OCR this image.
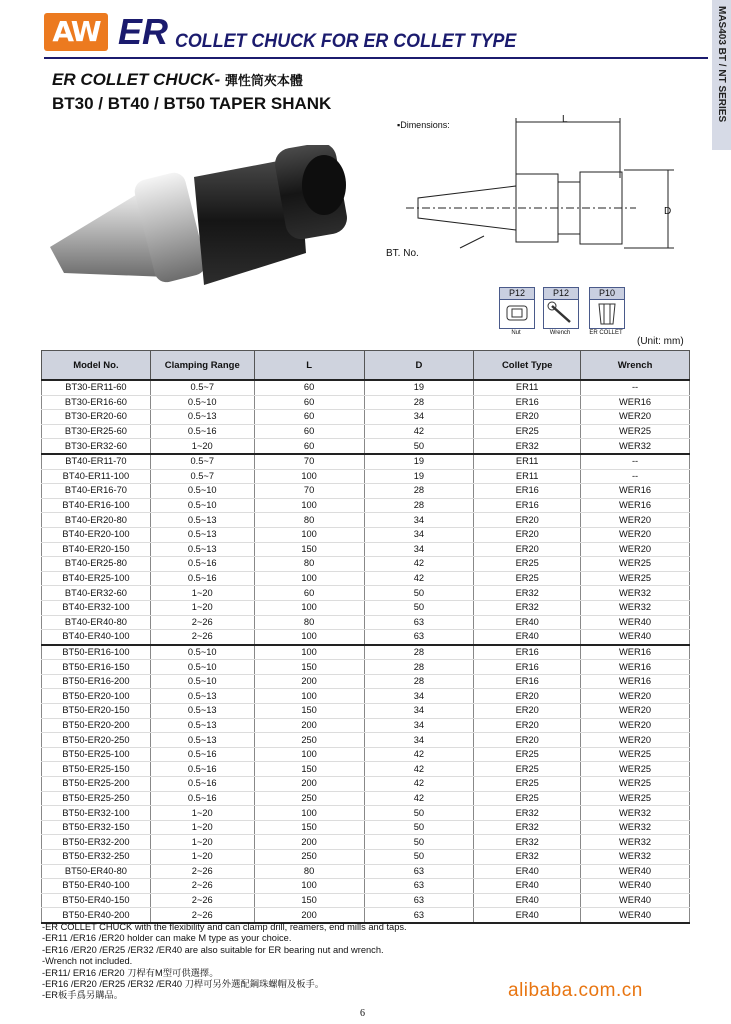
AW ER COLLET CHUCK FOR ER COLLET TYPE	MAS403 BT / NT SERIES
ER COLLET CHUCK- 彈性筒夾本體
BT30 / BT40 / BT50 TAPER SHANK
▪Dimensions:	L
D
BT. No.
P12
Nut
P12
Wrench
P10
ER COLLET
(Unit: mm)
Model No.	Clamping Range	L	D	Collet Type	Wrench
BT30-ER11-60	0.5~7	60	19	ER11	--
BT30-ER16-60	0.5~10	60	28	ER16	WER16
BT30-ER20-60	0.5~13	60	34	ER20	WER20
BT30-ER25-60	0.5~16	60	42	ER25	WER25
BT30-ER32-60	1~20	60	50	ER32	WER32
BT40-ER11-70	0.5~7	70	19	ER11	--
BT40-ER11-100	0.5~7	100	19	ER11	--
BT40-ER16-70	0.5~10	70	28	ER16	WER16
BT40-ER16-100	0.5~10	100	28	ER16	WER16
BT40-ER20-80	0.5~13	80	34	ER20	WER20
BT40-ER20-100	0.5~13	100	34	ER20	WER20
BT40-ER20-150	0.5~13	150	34	ER20	WER20
BT40-ER25-80	0.5~16	80	42	ER25	WER25
BT40-ER25-100	0.5~16	100	42	ER25	WER25
BT40-ER32-60	1~20	60	50	ER32	WER32
BT40-ER32-100	1~20	100	50	ER32	WER32
BT40-ER40-80	2~26	80	63	ER40	WER40
BT40-ER40-100	2~26	100	63	ER40	WER40
BT50-ER16-100	0.5~10	100	28	ER16	WER16
BT50-ER16-150	0.5~10	150	28	ER16	WER16
BT50-ER16-200	0.5~10	200	28	ER16	WER16
BT50-ER20-100	0.5~13	100	34	ER20	WER20
BT50-ER20-150	0.5~13	150	34	ER20	WER20
BT50-ER20-200	0.5~13	200	34	ER20	WER20
BT50-ER20-250	0.5~13	250	34	ER20	WER20
BT50-ER25-100	0.5~16	100	42	ER25	WER25
BT50-ER25-150	0.5~16	150	42	ER25	WER25
BT50-ER25-200	0.5~16	200	42	ER25	WER25
BT50-ER25-250	0.5~16	250	42	ER25	WER25
BT50-ER32-100	1~20	100	50	ER32	WER32
BT50-ER32-150	1~20	150	50	ER32	WER32
BT50-ER32-200	1~20	200	50	ER32	WER32
BT50-ER32-250	1~20	250	50	ER32	WER32
BT50-ER40-80	2~26	80	63	ER40	WER40
BT50-ER40-100	2~26	100	63	ER40	WER40
BT50-ER40-150	2~26	150	63	ER40	WER40
BT50-ER40-200	2~26	200	63	ER40	WER40
-ER COLLET CHUCK with the flexibility and can clamp drill, reamers, end mills and taps.
-ER11 /ER16 /ER20 holder can make M type as your choice.
-ER16 /ER20 /ER25 /ER32 /ER40 are also suitable for ER bearing nut and wrench.
-Wrench not included.
-ER11/ ER16 /ER20 刀桿有M型可供選擇。
-ER16 /ER20 /ER25 /ER32 /ER40 刀桿可另外選配鋼珠螺帽及板手。
-ER板手爲另購品。	alibaba.com.cn
6
